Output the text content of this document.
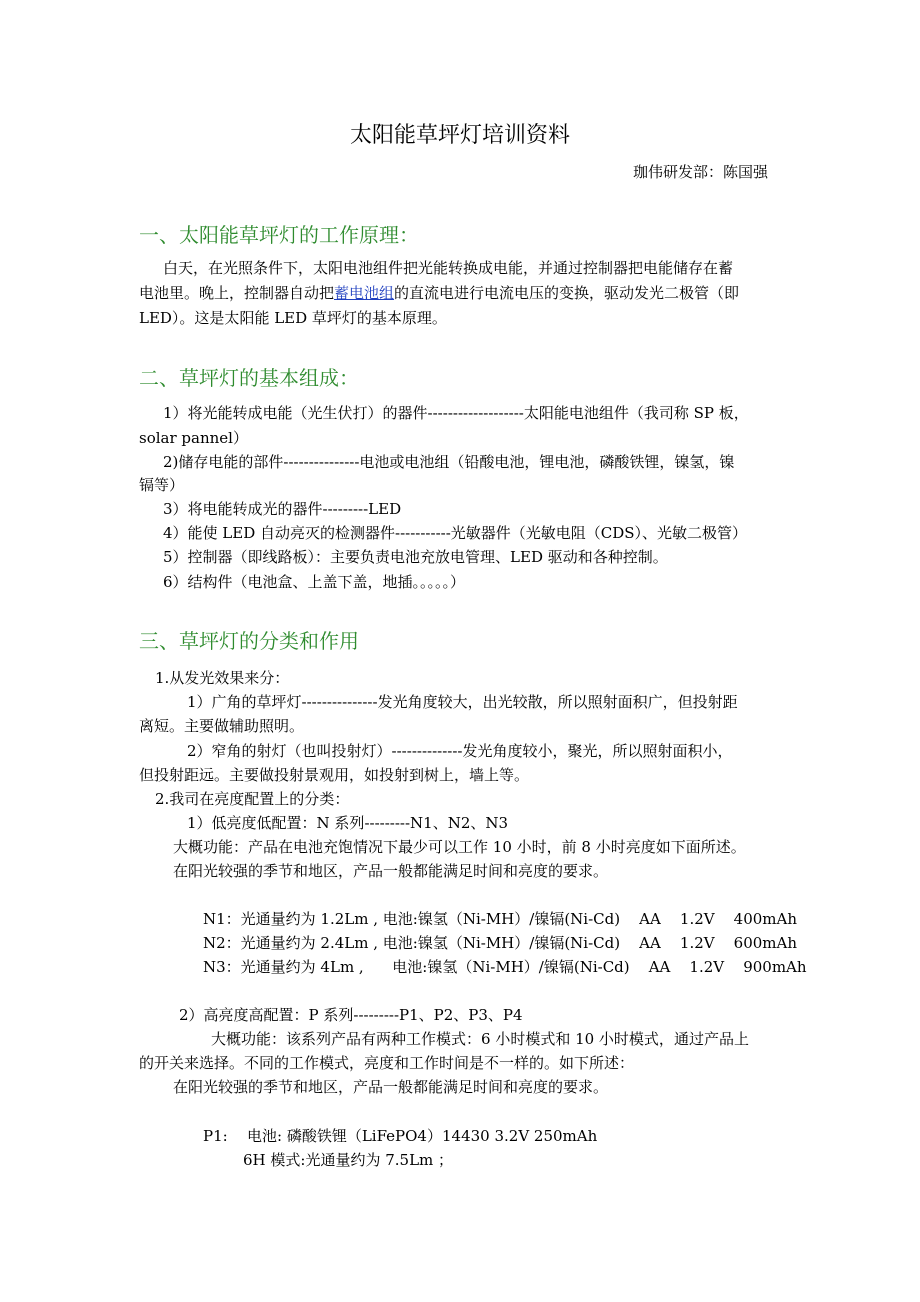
太阳能草坪灯培训资料
珈伟研发部：陈国强
一、太阳能草坪灯的工作原理：
白天，在光照条件下，太阳电池组件把光能转换成电能，并通过控制器把电能储存在蓄
电池里。晚上，控制器自动把蓄电池组的直流电进行电流电压的变换，驱动发光二极管（即
LED）。这是太阳能 LED 草坪灯的基本原理。
二、草坪灯的基本组成：
1）将光能转成电能（光生伏打）的器件-------------------太阳能电池组件（我司称 SP 板，
solar pannel）
2)储存电能的部件---------------电池或电池组（铅酸电池，锂电池，磷酸铁锂，镍氢，镍
镉等）
3）将电能转成光的器件---------LED
4）能使 LED 自动亮灭的检测器件-----------光敏器件（光敏电阻（CDS）、光敏二极管）
5）控制器（即线路板）：主要负责电池充放电管理、LED 驱动和各种控制。
6）结构件（电池盒、上盖下盖，地插。。。。。）
三、草坪灯的分类和作用
1.从发光效果来分：
1）广角的草坪灯---------------发光角度较大，出光较散，所以照射面积广，但投射距
离短。主要做辅助照明。
2）窄角的射灯（也叫投射灯）--------------发光角度较小，聚光，所以照射面积小，
但投射距远。主要做投射景观用，如投射到树上，墙上等。
2.我司在亮度配置上的分类：
1）低亮度低配置：N 系列---------N1、N2、N3
大概功能：产品在电池充饱情况下最少可以工作 10 小时，前 8 小时亮度如下面所述。
在阳光较强的季节和地区，产品一般都能满足时间和亮度的要求。
N1：光通量约为 1.2Lm , 电池:镍氢（Ni-MH）/镍镉(Ni-Cd)    AA    1.2V    400mAh
N2：光通量约为 2.4Lm , 电池:镍氢（Ni-MH）/镍镉(Ni-Cd)    AA    1.2V    600mAh
N3：光通量约为 4Lm ,      电池:镍氢（Ni-MH）/镍镉(Ni-Cd)    AA    1.2V    900mAh
2）高亮度高配置：P 系列---------P1、P2、P3、P4
大概功能：该系列产品有两种工作模式：6 小时模式和 10 小时模式，通过产品上
的开关来选择。不同的工作模式，亮度和工作时间是不一样的。如下所述：
在阳光较强的季节和地区，产品一般都能满足时间和亮度的要求。
P1: 电池: 磷酸铁锂（LiFePO4）14430 3.2V 250mAh
6H 模式:光通量约为 7.5Lm ；
